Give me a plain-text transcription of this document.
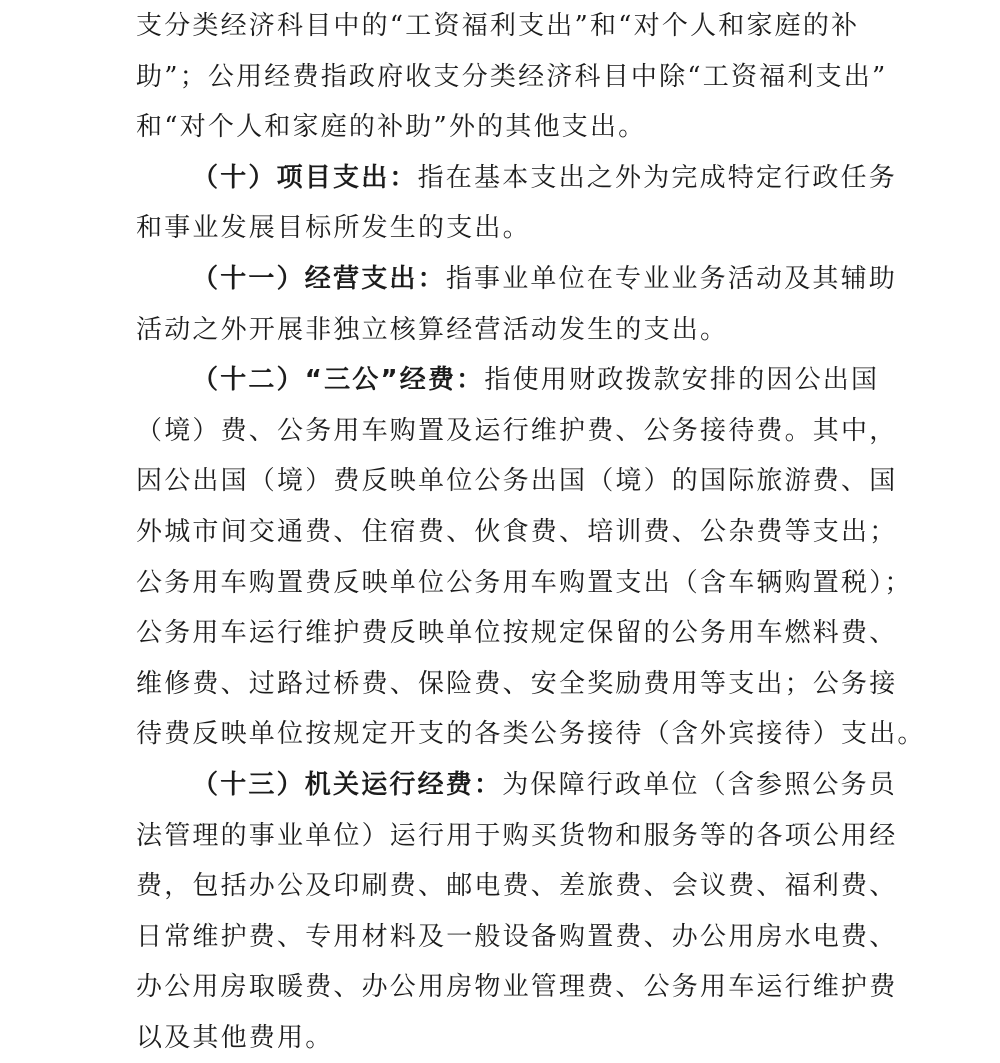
支分类经济科目中的“工资福利支出”和“对个人和家庭的补
助”；公用经费指政府收支分类经济科目中除“工资福利支出”
和“对个人和家庭的补助”外的其他支出。
（十）项目支出：指在基本支出之外为完成特定行政任务
和事业发展目标所发生的支出。
（十一）经营支出：指事业单位在专业业务活动及其辅助
活动之外开展非独立核算经营活动发生的支出。
（十二）“三公”经费：指使用财政拨款安排的因公出国
（境）费、公务用车购置及运行维护费、公务接待费。其中，
因公出国（境）费反映单位公务出国（境）的国际旅游费、国
外城市间交通费、住宿费、伙食费、培训费、公杂费等支出；
公务用车购置费反映单位公务用车购置支出（含车辆购置税）；
公务用车运行维护费反映单位按规定保留的公务用车燃料费、
维修费、过路过桥费、保险费、安全奖励费用等支出；公务接
待费反映单位按规定开支的各类公务接待（含外宾接待）支出。
（十三）机关运行经费：为保障行政单位（含参照公务员
法管理的事业单位）运行用于购买货物和服务等的各项公用经
费，包括办公及印刷费、邮电费、差旅费、会议费、福利费、
日常维护费、专用材料及一般设备购置费、办公用房水电费、
办公用房取暖费、办公用房物业管理费、公务用车运行维护费
以及其他费用。
